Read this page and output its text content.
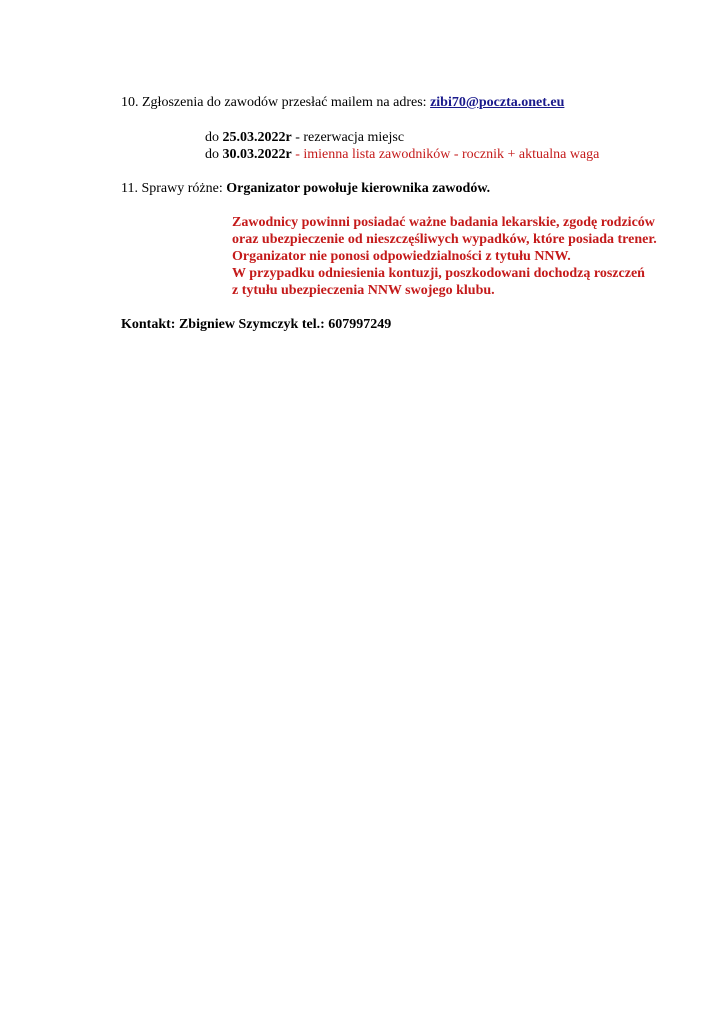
10. Zgłoszenia do zawodów przesłać mailem na adres: zibi70@poczta.onet.eu
do 25.03.2022r - rezerwacja miejsc
do 30.03.2022r - imienna lista zawodników - rocznik + aktualna waga
11. Sprawy różne: Organizator powołuje kierownika zawodów.
Zawodnicy powinni posiadać ważne badania lekarskie, zgodę rodziców
oraz ubezpieczenie od nieszczęśliwych wypadków, które posiada trener.
Organizator nie ponosi odpowiedzialności z tytułu NNW.
W przypadku odniesienia kontuzji, poszkodowani dochodzą roszczeń
z tytułu ubezpieczenia NNW swojego klubu.
Kontakt: Zbigniew Szymczyk tel.: 607997249
